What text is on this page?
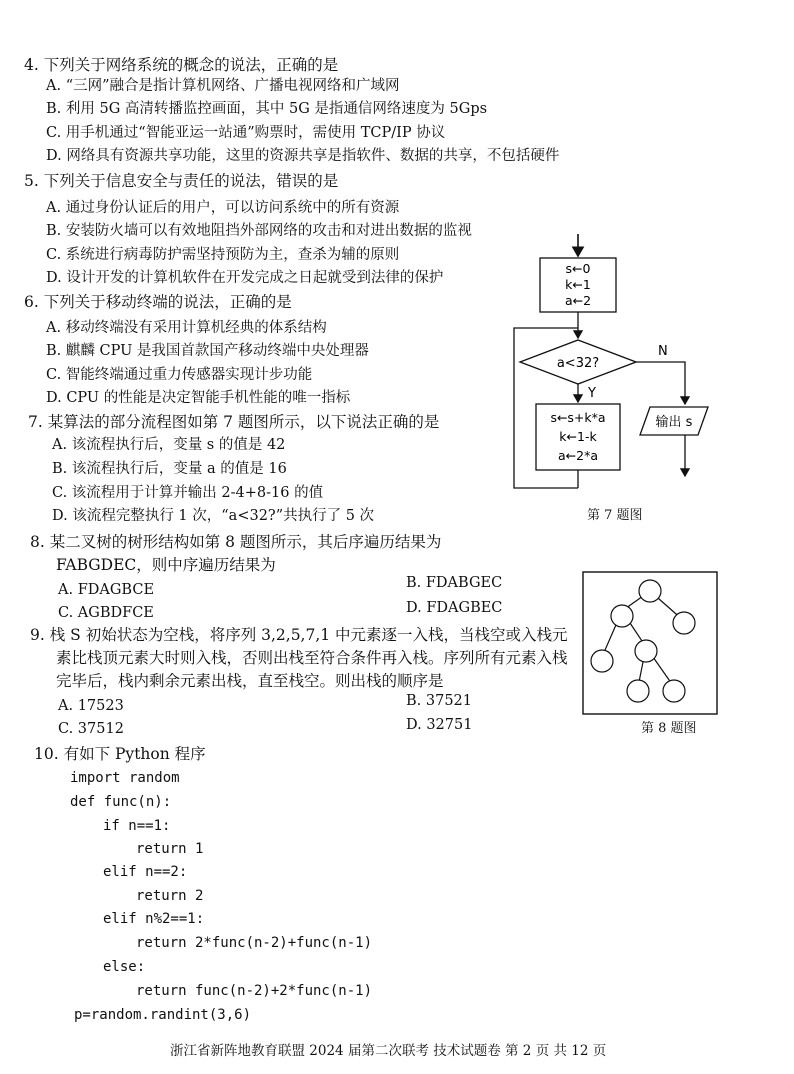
4. 下列关于网络系统的概念的说法，正确的是
A. “三网”融合是指计算机网络、广播电视网络和广域网
B. 利用 5G 高清转播监控画面，其中 5G 是指通信网络速度为 5Gps
C. 用手机通过“智能亚运一站通”购票时，需使用 TCP/IP 协议
D. 网络具有资源共享功能，这里的资源共享是指软件、数据的共享，不包括硬件
5. 下列关于信息安全与责任的说法，错误的是
A. 通过身份认证后的用户，可以访问系统中的所有资源
B. 安装防火墙可以有效地阻挡外部网络的攻击和对进出数据的监视
C. 系统进行病毒防护需坚持预防为主，查杀为辅的原则
D. 设计开发的计算机软件在开发完成之日起就受到法律的保护
6. 下列关于移动终端的说法，正确的是
A. 移动终端没有采用计算机经典的体系结构
B. 麒麟 CPU 是我国首款国产移动终端中央处理器
C. 智能终端通过重力传感器实现计步功能
D. CPU 的性能是决定智能手机性能的唯一指标
7. 某算法的部分流程图如第 7 题图所示，以下说法正确的是
A. 该流程执行后，变量 s 的值是 42
B. 该流程执行后，变量 a 的值是 16
C. 该流程用于计算并输出 2-4+8-16 的值
D. 该流程完整执行 1 次，“a<32?”共执行了 5 次
s←0
k←1
a←2
a<32?
N
Y
s←s+k*a
k←1-k
a←2*a
输出 s
第 7 题图
8. 某二叉树的树形结构如第 8 题图所示，其后序遍历结果为
FABGDEC，则中序遍历结果为
A. FDAGBCE	B. FDABGEC
C. AGBDFCE	D. FDAGBEC
第 8 题图
9. 栈 S 初始状态为空栈，将序列 3,2,5,7,1 中元素逐一入栈，当栈空或入栈元
素比栈顶元素大时则入栈，否则出栈至符合条件再入栈。序列所有元素入栈
完毕后，栈内剩余元素出栈，直至栈空。则出栈的顺序是
A. 17523	B. 37521
C. 37512	D. 32751
10. 有如下 Python 程序
import random
def func(n):
if n==1:
return 1
elif n==2:
return 2
elif n%2==1:
return 2*func(n-2)+func(n-1)
else:
return func(n-2)+2*func(n-1)
p=random.randint(3,6)
浙江省新阵地教育联盟 2024 届第二次联考 技术试题卷 第 2 页 共 12 页
